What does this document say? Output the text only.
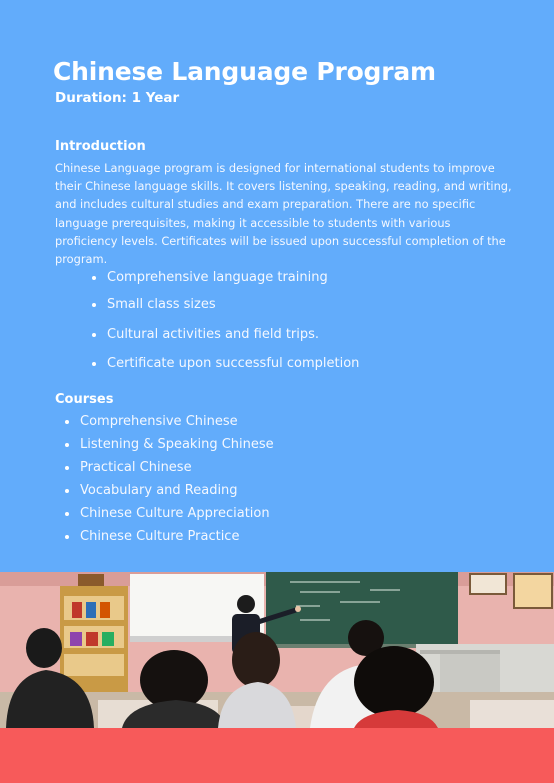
Chinese Language Program
Duration: 1 Year
Introduction
Chinese Language program is designed for international students to improve their Chinese language skills. It covers listening, speaking, reading, and writing, and includes cultural studies and exam preparation. There are no specific language prerequisites, making it accessible to students with various proficiency levels. Certificates will be issued upon successful completion of the program.
Comprehensive language training
Small class sizes
Cultural activities and field trips.
Certificate upon successful completion
Courses
Comprehensive Chinese
Listening & Speaking Chinese
Practical Chinese
Vocabulary and Reading
Chinese Culture Appreciation
Chinese Culture Practice
